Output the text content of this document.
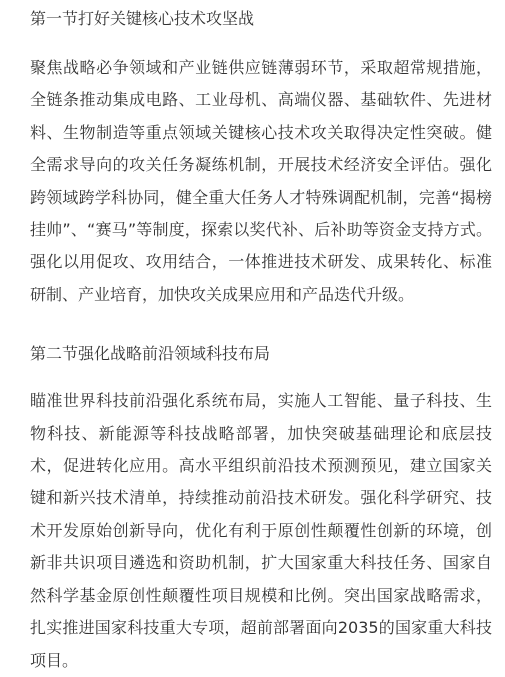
第一节打好关键核心技术攻坚战

聚焦战略必争领域和产业链供应链薄弱环节，采取超常规措施，全链条推动集成电路、工业母机、高端仪器、基础软件、先进材料、生物制造等重点领域关键核心技术攻关取得决定性突破。健全需求导向的攻关任务凝练机制，开展技术经济安全评估。强化跨领域跨学科协同，健全重大任务人才特殊调配机制，完善“揭榜挂帅”、“赛马”等制度，探索以奖代补、后补助等资金支持方式。强化以用促攻、攻用结合，一体推进技术研发、成果转化、标准研制、产业培育，加快攻关成果应用和产品迭代升级。

第二节强化战略前沿领域科技布局

瞄准世界科技前沿强化系统布局，实施人工智能、量子科技、生物科技、新能源等科技战略部署，加快突破基础理论和底层技术，促进转化应用。高水平组织前沿技术预测预见，建立国家关键和新兴技术清单，持续推动前沿技术研发。强化科学研究、技术开发原始创新导向，优化有利于原创性颠覆性创新的环境，创新非共识项目遴选和资助机制，扩大国家重大科技任务、国家自然科学基金原创性颠覆性项目规模和比例。突出国家战略需求，扎实推进国家科技重大专项，超前部署面向2035的国家重大科技项目。
